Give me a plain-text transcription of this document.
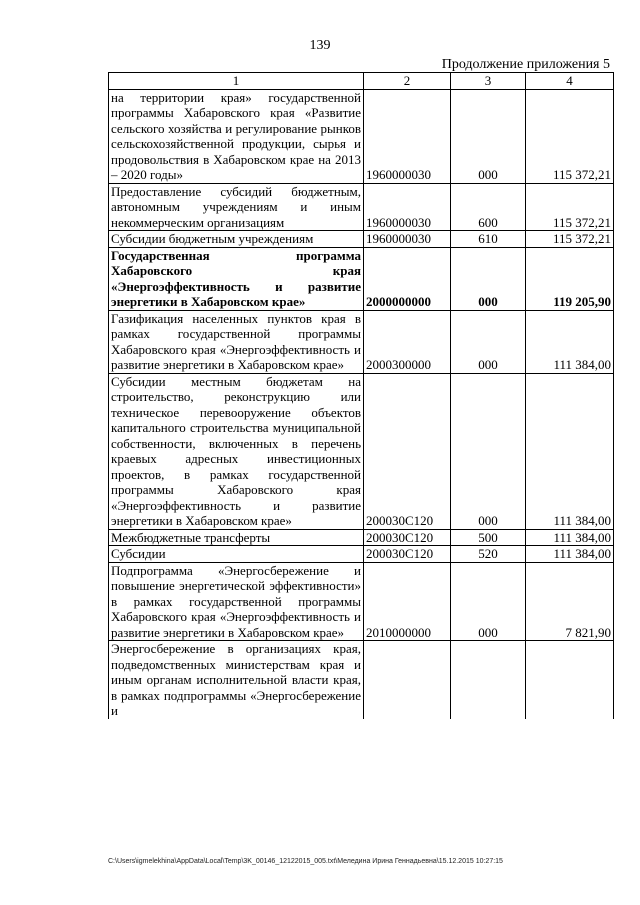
139
Продолжение приложения 5
1	2	3	4
на территории края» государственной программы Хабаровского края «Развитие сельского хозяйства и регулирование рынков сельскохозяйственной продукции, сырья и продовольствия в Хабаровском крае на 2013 – 2020 годы»	1960000030	000	115 372,21
Предоставление субсидий бюджетным, автономным учреждениям и иным некоммерческим организациям	1960000030	600	115 372,21
Субсидии бюджетным учреждениям	1960000030	610	115 372,21
Государственная программа Хабаровского края «Энергоэффективность и развитие энергетики в Хабаровском крае»	2000000000	000	119 205,90
Газификация населенных пунктов края в рамках государственной программы Хабаровского края «Энергоэффективность и развитие энергетики в Хабаровском крае»	2000300000	000	111 384,00
Субсидии местным бюджетам на строительство, реконструкцию или техническое перевооружение объектов капитального строительства муниципальной собственности, включенных в перечень краевых адресных инвестиционных проектов, в рамках государственной программы Хабаровского края «Энергоэффективность и развитие энергетики в Хабаровском крае»	200030С120	000	111 384,00
Межбюджетные трансферты	200030С120	500	111 384,00
Субсидии	200030С120	520	111 384,00
Подпрограмма «Энергосбережение и повышение энергетической эффективности» в рамках государственной программы Хабаровского края «Энергоэффективность и развитие энергетики в Хабаровском крае»	2010000000	000	7 821,90
Энергосбережение в организациях края, подведомственных министерствам края и иным органам исполнительной власти края, в рамках подпрограммы «Энергосбережение и			
C:\Users\igmelekhina\AppData\Local\Temp\3K_00146_12122015_005.txt\Меледина Ирина Геннадьевна\15.12.2015 10:27:15
